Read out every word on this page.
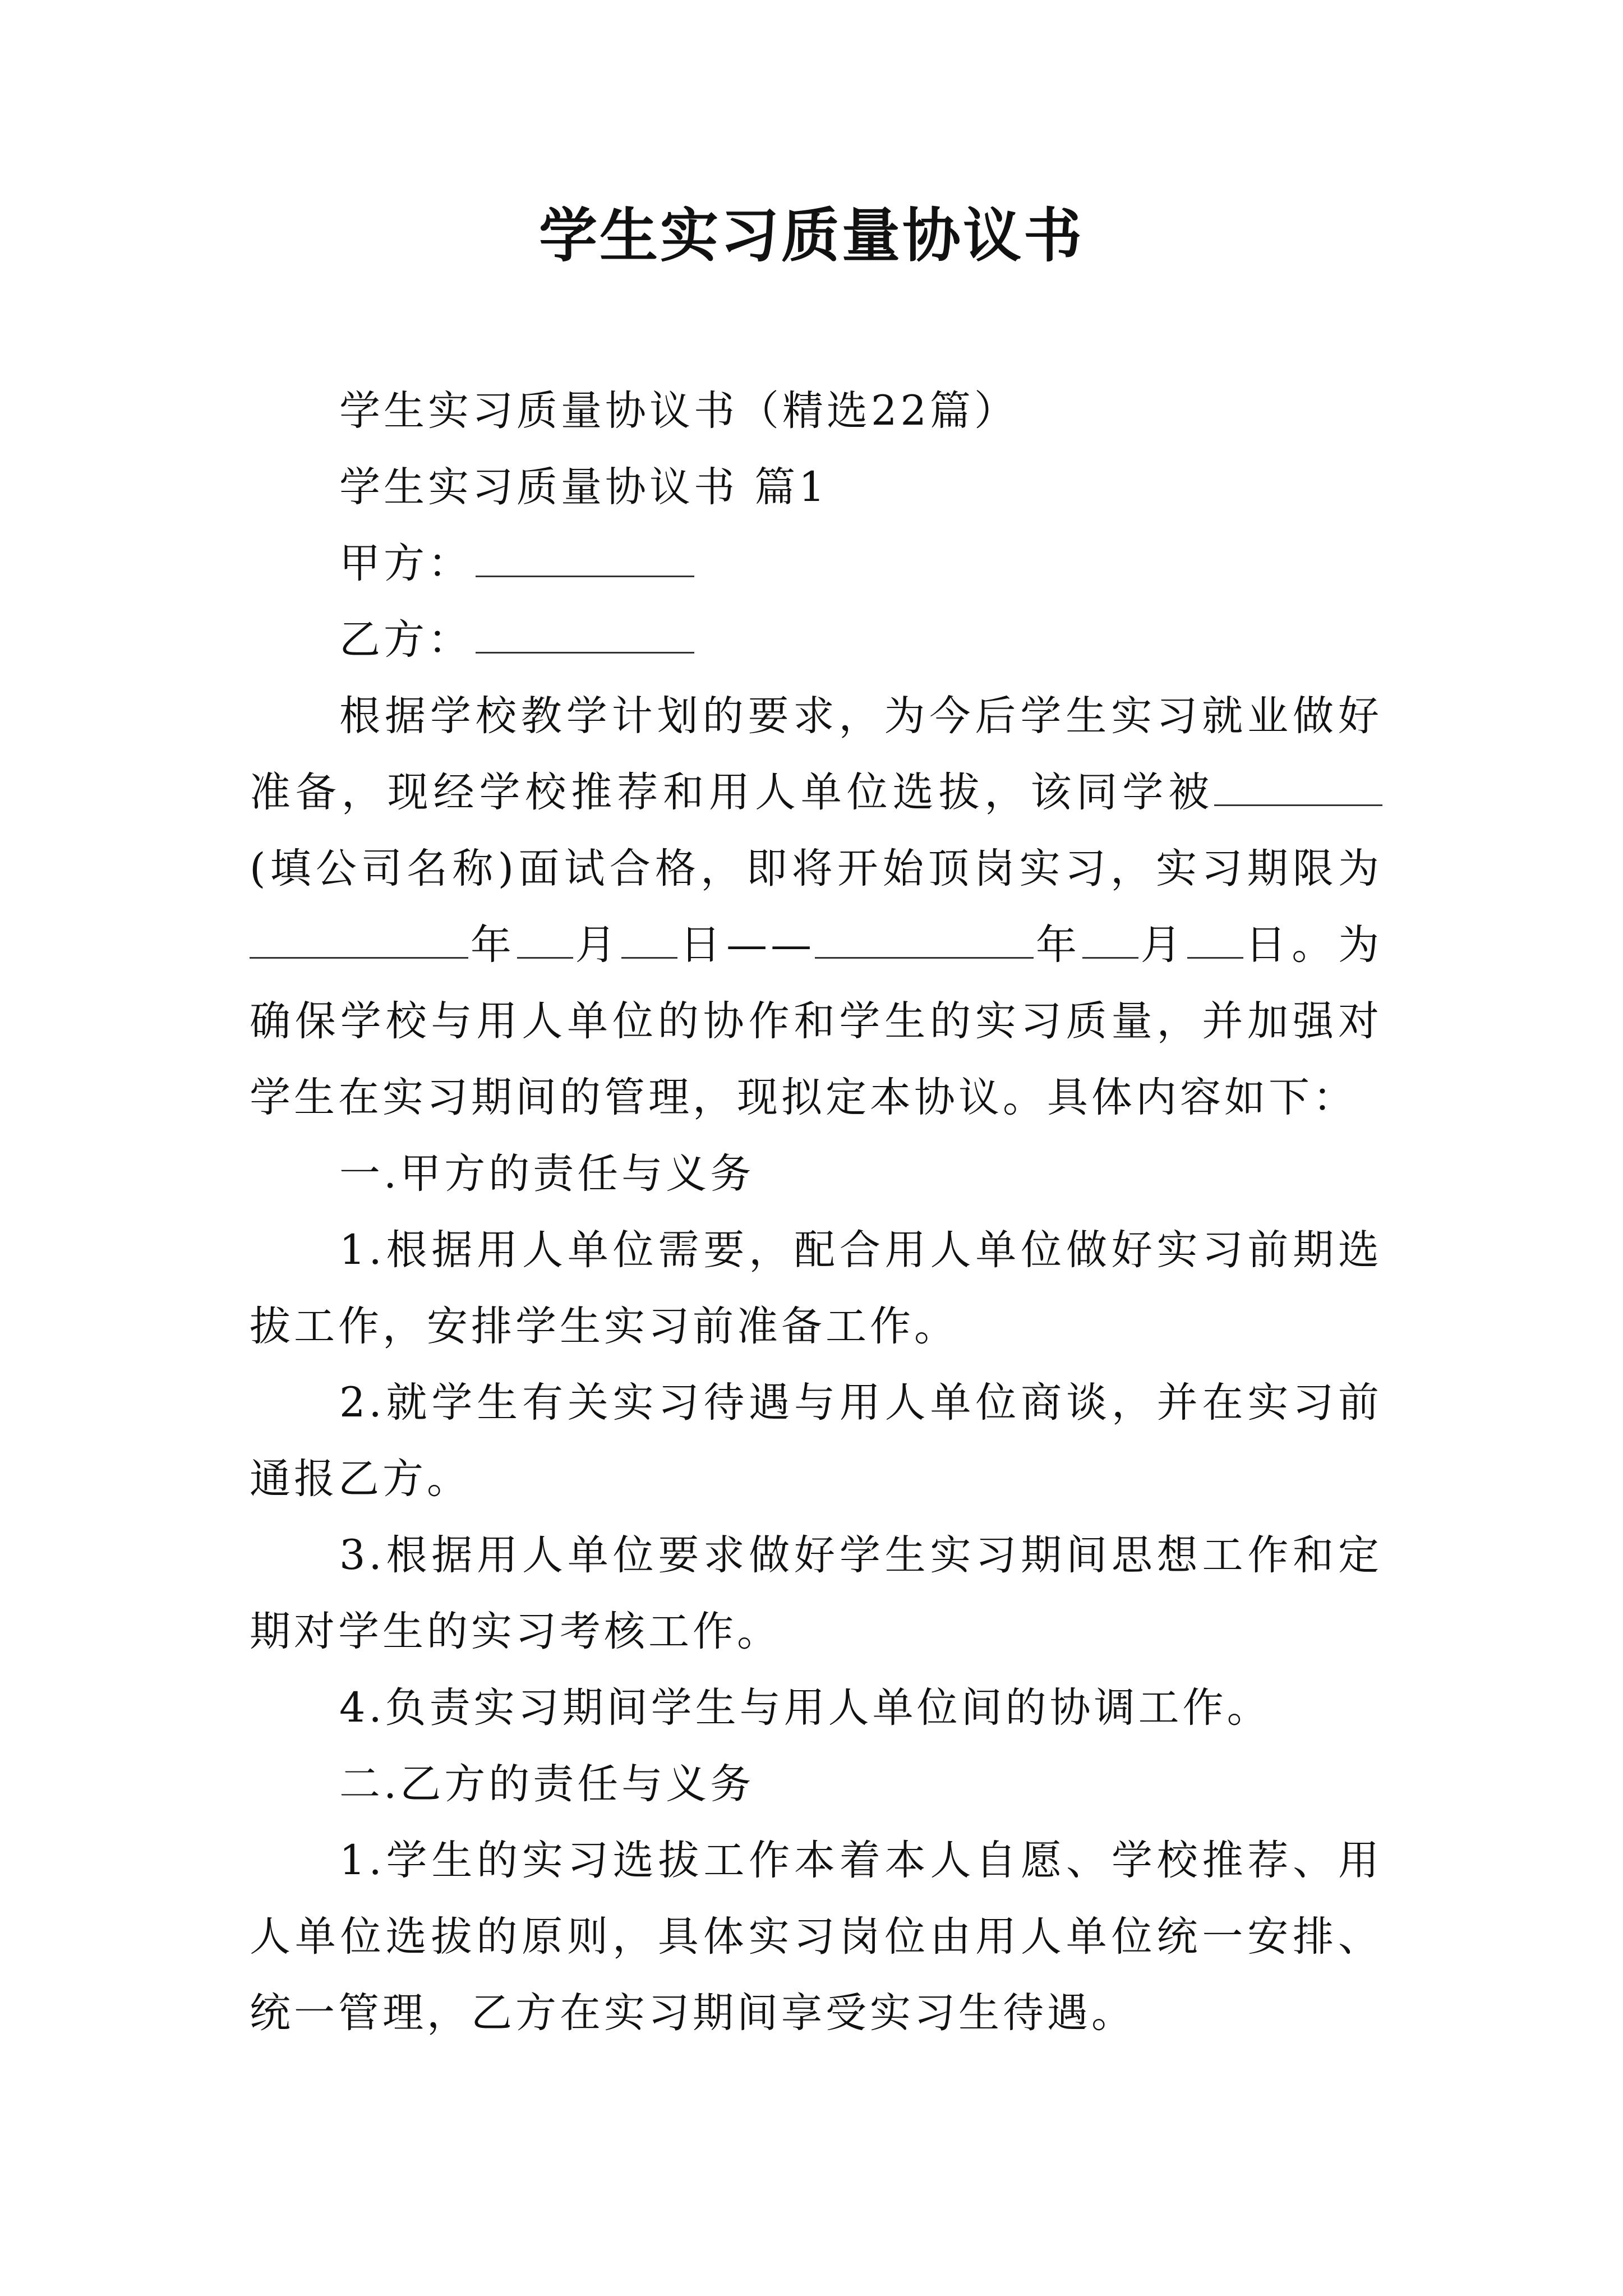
学生实习质量协议书

学生实习质量协议书（精选22篇）

学生实习质量协议书 篇1

甲方：

乙方：

根据学校教学计划的要求，为今后学生实习就业做好准备，现经学校推荐和用人单位选拔，该同学被(填公司名称)面试合格，即将开始顶岗实习，实习期限为年 月 日——	年 月 日。为确保学校与用人单位的协作和学生的实习质量，并加强对学生在实习期间的管理，现拟定本协议。具体内容如下：

一.甲方的责任与义务

1.根据用人单位需要，配合用人单位做好实习前期选拔工作，安排学生实习前准备工作。

2.就学生有关实习待遇与用人单位商谈，并在实习前通报乙方。

3.根据用人单位要求做好学生实习期间思想工作和定期对学生的实习考核工作。

4.负责实习期间学生与用人单位间的协调工作。

二.乙方的责任与义务

1.学生的实习选拔工作本着本人自愿、学校推荐、用人单位选拔的原则，具体实习岗位由用人单位统一安排、统一管理，乙方在实习期间享受实习生待遇。
